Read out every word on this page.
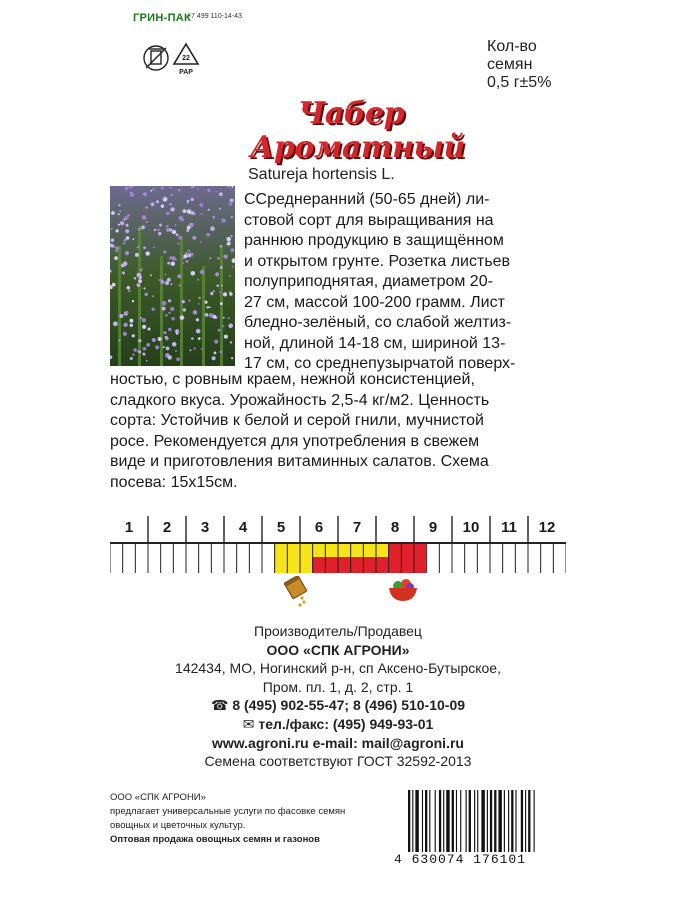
ГРИН-ПАК
+7 499 110-14-43
22
PAP
Кол-во
семян
0,5 г±5%
Чабер
Ароматный
Satureja hortensis L.
ССреднеранний (50-65 дней) ли-
стовой сорт для выращивания на
раннюю продукцию в защищённом
и открытом грунте. Розетка листьев
полуприподнятая, диаметром 20-
27 см, массой 100-200 грамм. Лист
бледно-зелёный, со слабой желтиз-
ной, длиной 14-18 см, шириной 13-
17 см, со среднепузырчатой поверх-
ностью, с ровным краем, нежной консистенцией,
сладкого вкуса. Урожайность 2,5-4 кг/м2. Ценность
сорта: Устойчив к белой и серой гнили, мучнистой
росе. Рекомендуется для употребления в свежем
виде и приготовления витаминных салатов. Схема
посева: 15х15см.
1	2	3	4	5	6	7	8	9	10	11	12
Производитель/Продавец
ООО «СПК АГРОНИ»
142434, МО, Ногинский р-н, сп Аксено-Бутырское,
Пром. пл. 1, д. 2, стр. 1
☎ 8 (495) 902-55-47; 8 (496) 510-10-09
✉ тел./факс: (495) 949-93-01
www.agroni.ru e-mail: mail@agroni.ru
Семена соответствуют ГОСТ 32592-2013
ООО «СПК АГРОНИ»
предлагает универсальные услуги по фасовке семян
овощных и цветочных культур.
Оптовая продажа овощных семян и газонов
4 630074 176101
